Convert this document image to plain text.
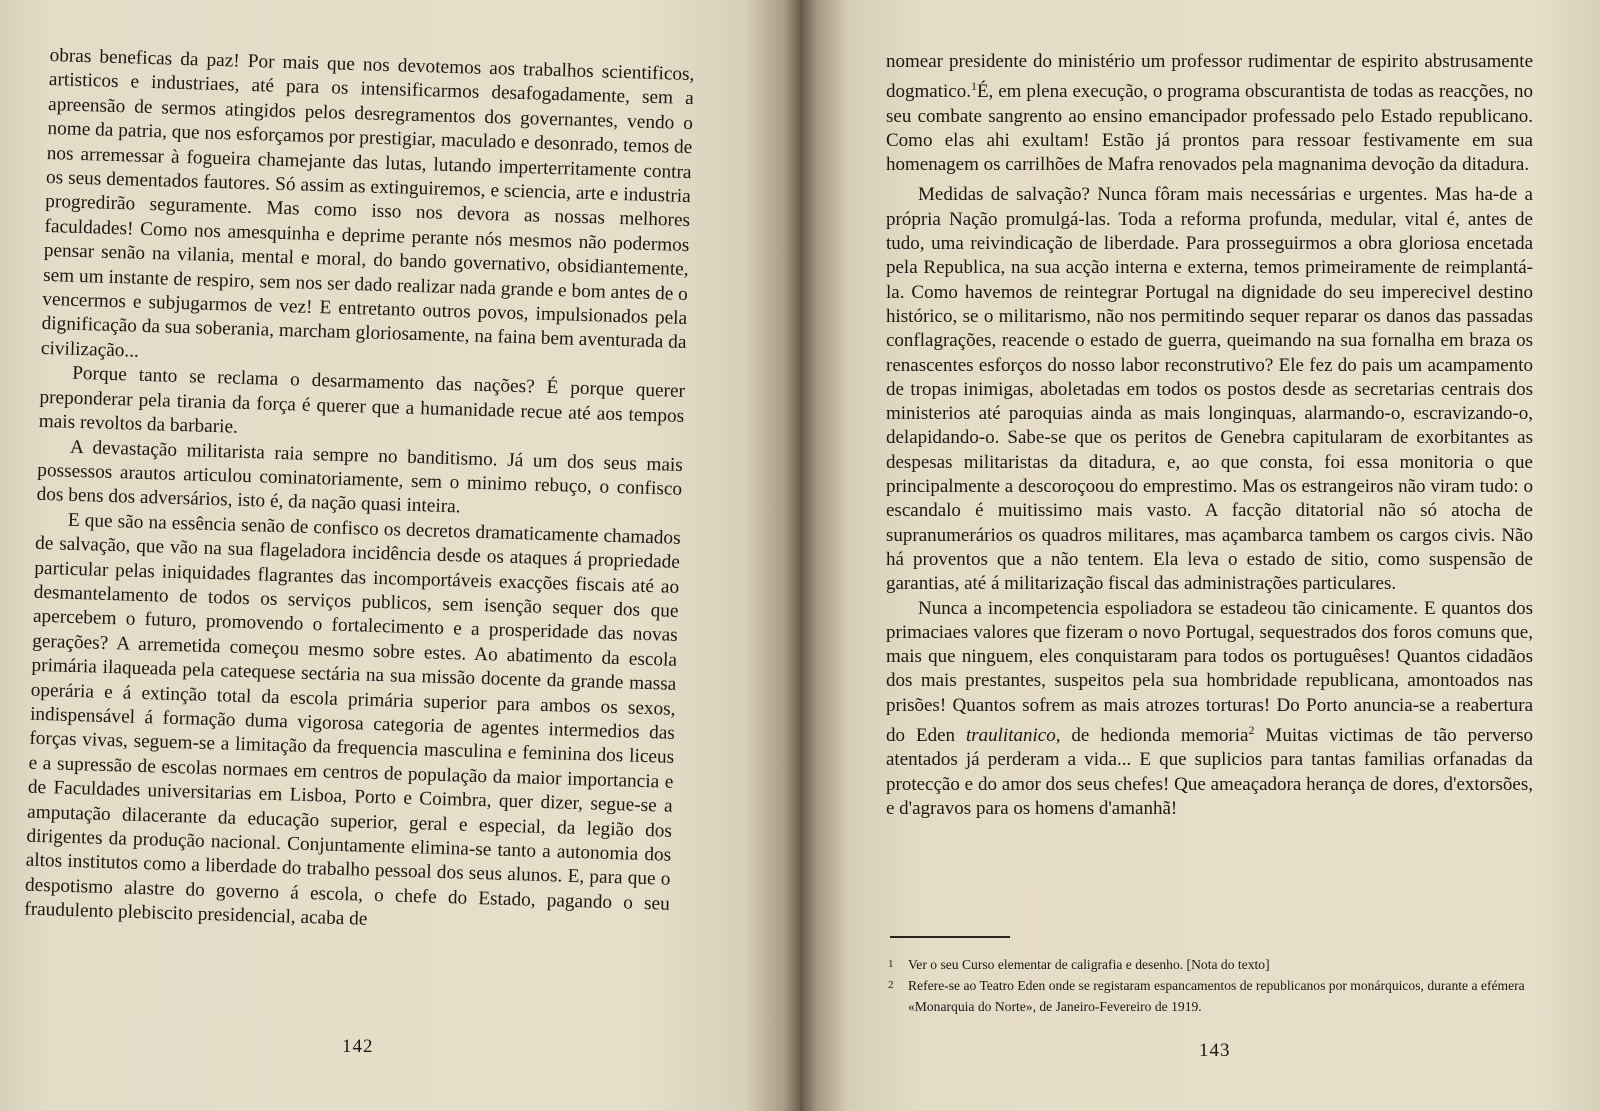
obras beneficas da paz! Por mais que nos devotemos aos trabalhos scientificos, artisticos e industriaes, até para os intensificarmos desafogadamente, sem a apreensão de sermos atingidos pelos desregramentos dos governantes, vendo o nome da patria, que nos esforçamos por prestigiar, maculado e desonrado, temos de nos arremessar à fogueira chamejante das lutas, lutando imperterritamente contra os seus dementados fautores. Só assim as extinguiremos, e sciencia, arte e industria progredirão seguramente. Mas como isso nos devora as nossas melhores faculdades! Como nos amesquinha e deprime perante nós mesmos não podermos pensar senão na vilania, mental e moral, do bando governativo, obsidiantemente, sem um instante de respiro, sem nos ser dado realizar nada grande e bom antes de o vencermos e subjugarmos de vez! E entretanto outros povos, impulsionados pela dignificação da sua soberania, marcham gloriosamente, na faina bem aventurada da civilização...

Porque tanto se reclama o desarmamento das nações? É porque querer preponderar pela tirania da força é querer que a humanidade recue até aos tempos mais revoltos da barbarie.

A devastação militarista raia sempre no banditismo. Já um dos seus mais possessos arautos articulou cominatoriamente, sem o minimo rebuço, o confisco dos bens dos adversários, isto é, da nação quasi inteira.

E que são na essência senão de confisco os decretos dramaticamente chamados de salvação, que vão na sua flageladora incidência desde os ataques á propriedade particular pelas iniquidades flagrantes das incomportáveis exacções fiscais até ao desmantelamento de todos os serviços publicos, sem isenção sequer dos que apercebem o futuro, promovendo o fortalecimento e a prosperidade das novas gerações? A arremetida começou mesmo sobre estes. Ao abatimento da escola primária ilaqueada pela catequese sectária na sua missão docente da grande massa operária e á extinção total da escola primária superior para ambos os sexos, indispensável á formação duma vigorosa categoria de agentes intermedios das forças vivas, seguem-se a limitação da frequencia masculina e feminina dos liceus e a supressão de escolas normaes em centros de população da maior importancia e de Faculdades universitarias em Lisboa, Porto e Coimbra, quer dizer, segue-se a amputação dilacerante da educação superior, geral e especial, da legião dos dirigentes da produção nacional. Conjuntamente elimina-se tanto a autonomia dos altos institutos como a liberdade do trabalho pessoal dos seus alunos. E, para que o despotismo alastre do governo á escola, o chefe do Estado, pagando o seu fraudulento plebiscito presidencial, acaba de

142

nomear presidente do ministério um professor rudimentar de espirito abstrusamente dogmatico.$^1$É, em plena execução, o programa obscurantista de todas as reacções, no seu combate sangrento ao ensino emancipador professado pelo Estado republicano. Como elas ahi exultam! Estão já prontos para ressoar festivamente em sua homenagem os carrilhões de Mafra renovados pela magnanima devoção da ditadura.

Medidas de salvação? Nunca fôram mais necessárias e urgentes. Mas ha-de a própria Nação promulgá-las. Toda a reforma profunda, medular, vital é, antes de tudo, uma reivindicação de liberdade. Para prosseguirmos a obra gloriosa encetada pela Republica, na sua acção interna e externa, temos primeiramente de reimplantá-la. Como havemos de reintegrar Portugal na dignidade do seu imperecivel destino histórico, se o militarismo, não nos permitindo sequer reparar os danos das passadas conflagrações, reacende o estado de guerra, queimando na sua fornalha em braza os renascentes esforços do nosso labor reconstrutivo? Ele fez do pais um acampamento de tropas inimigas, aboletadas em todos os postos desde as secretarias centrais dos ministerios até paroquias ainda as mais longinquas, alarmando-o, escravizando-o, delapidando-o. Sabe-se que os peritos de Genebra capitularam de exorbitantes as despesas militaristas da ditadura, e, ao que consta, foi essa monitoria o que principalmente a descoroçoou do emprestimo. Mas os estrangeiros não viram tudo: o escandalo é muitissimo mais vasto. A facção ditatorial não só atocha de supranumerários os quadros militares, mas açambarca tambem os cargos civis. Não há proventos que a não tentem. Ela leva o estado de sitio, como suspensão de garantias, até á militarização fiscal das administrações particulares.

Nunca a incompetencia espoliadora se estadeou tão cinicamente. E quantos dos primaciaes valores que fizeram o novo Portugal, sequestrados dos foros comuns que, mais que ninguem, eles conquistaram para todos os portuguêses! Quantos cidadãos dos mais prestantes, suspeitos pela sua hombridade republicana, amontoados nas prisões! Quantos sofrem as mais atrozes torturas! Do Porto anuncia-se a reabertura do Eden traulitanico, de hedionda memoria$^2$ Muitas victimas de tão perverso atentados já perderam a vida... E que suplicios para tantas familias orfanadas da protecção e do amor dos seus chefes! Que ameaçadora herança de dores, d'extorsões, e d'agravos para os homens d'amanhã!

1 Ver o seu Curso elementar de caligrafia e desenho. [Nota do texto]

2 Refere-se ao Teatro Eden onde se registaram espancamentos de republicanos por monárquicos, durante a efémera «Monarquia do Norte», de Janeiro-Fevereiro de 1919.

143
